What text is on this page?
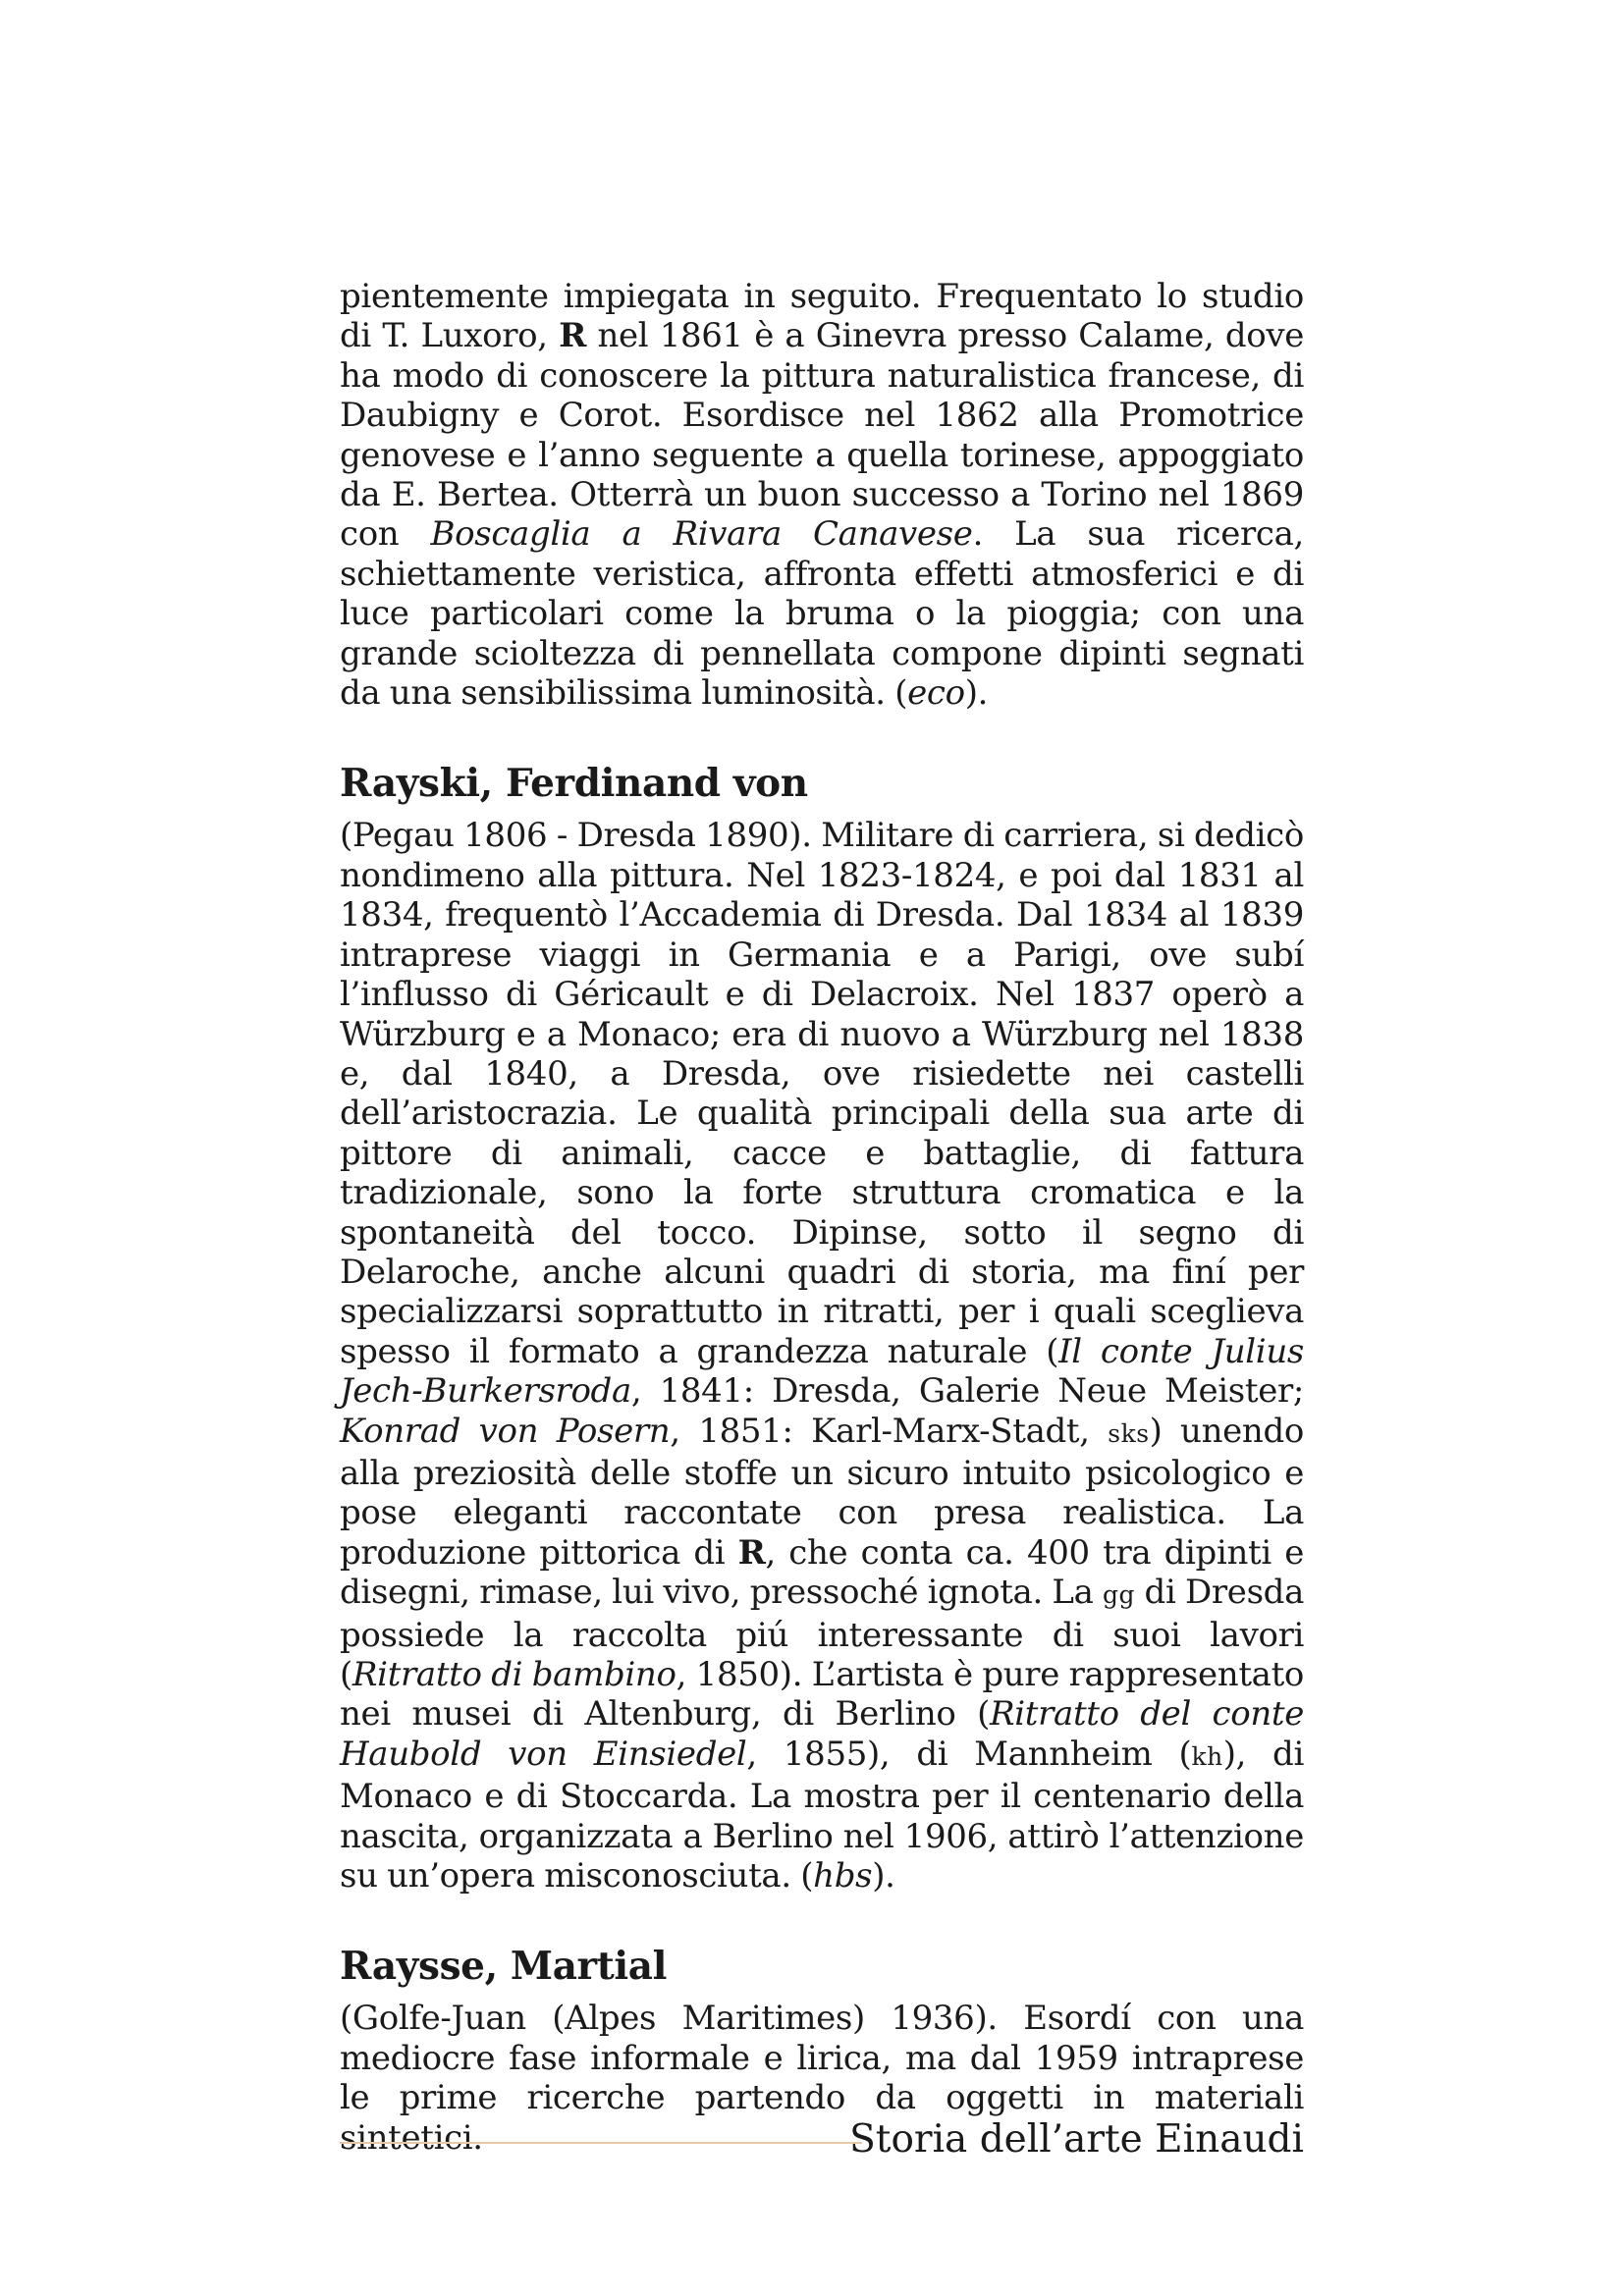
pientemente impiegata in seguito. Frequentato lo studio di T. Luxoro, R nel 1861 è a Ginevra presso Calame, dove ha modo di conoscere la pittura naturalistica francese, di Daubigny e Corot. Esordisce nel 1862 alla Promotrice genovese e l’anno seguente a quella torinese, appoggiato da E. Bertea. Otterrà un buon successo a Torino nel 1869 con Boscaglia a Rivara Canavese. La sua ricerca, schiettamente veristica, affronta effetti atmosferici e di luce particolari come la bruma o la pioggia; con una grande scioltezza di pennellata compone dipinti segnati da una sensibilissima luminosità. (eco).

Rayski, Ferdinand von

(Pegau 1806 - Dresda 1890). Militare di carriera, si dedicò nondimeno alla pittura. Nel 1823-1824, e poi dal 1831 al 1834, frequentò l’Accademia di Dresda. Dal 1834 al 1839 intraprese viaggi in Germania e a Parigi, ove subí l’influsso di Géricault e di Delacroix. Nel 1837 operò a Würzburg e a Monaco; era di nuovo a Würzburg nel 1838 e, dal 1840, a Dresda, ove risiedette nei castelli dell’aristocrazia. Le qualità principali della sua arte di pittore di animali, cacce e battaglie, di fattura tradizionale, sono la forte struttura cromatica e la spontaneità del tocco. Dipinse, sotto il segno di Delaroche, anche alcuni quadri di storia, ma finí per specializzarsi soprattutto in ritratti, per i quali sceglieva spesso il formato a grandezza naturale (Il conte Julius Jech-Burkersroda, 1841: Dresda, Galerie Neue Meister; Konrad von Posern, 1851: Karl-Marx-Stadt, sks) unendo alla preziosità delle stoffe un sicuro intuito psicologico e pose eleganti raccontate con presa realistica. La produzione pittorica di R, che conta ca. 400 tra dipinti e disegni, rimase, lui vivo, pressoché ignota. La gg di Dresda possiede la raccolta piú interessante di suoi lavori (Ritratto di bambino, 1850). L’artista è pure rappresentato nei musei di Altenburg, di Berlino (Ritratto del conte Haubold von Einsiedel, 1855), di Mannheim (kh), di Monaco e di Stoccarda. La mostra per il centenario della nascita, organizzata a Berlino nel 1906, attirò l’attenzione su un’opera misconosciuta. (hbs).

Raysse, Martial

(Golfe-Juan (Alpes Maritimes) 1936). Esordí con una mediocre fase informale e lirica, ma dal 1959 intraprese le prime ricerche partendo da oggetti in materiali sintetici.	Storia dell’arte Einaudi
